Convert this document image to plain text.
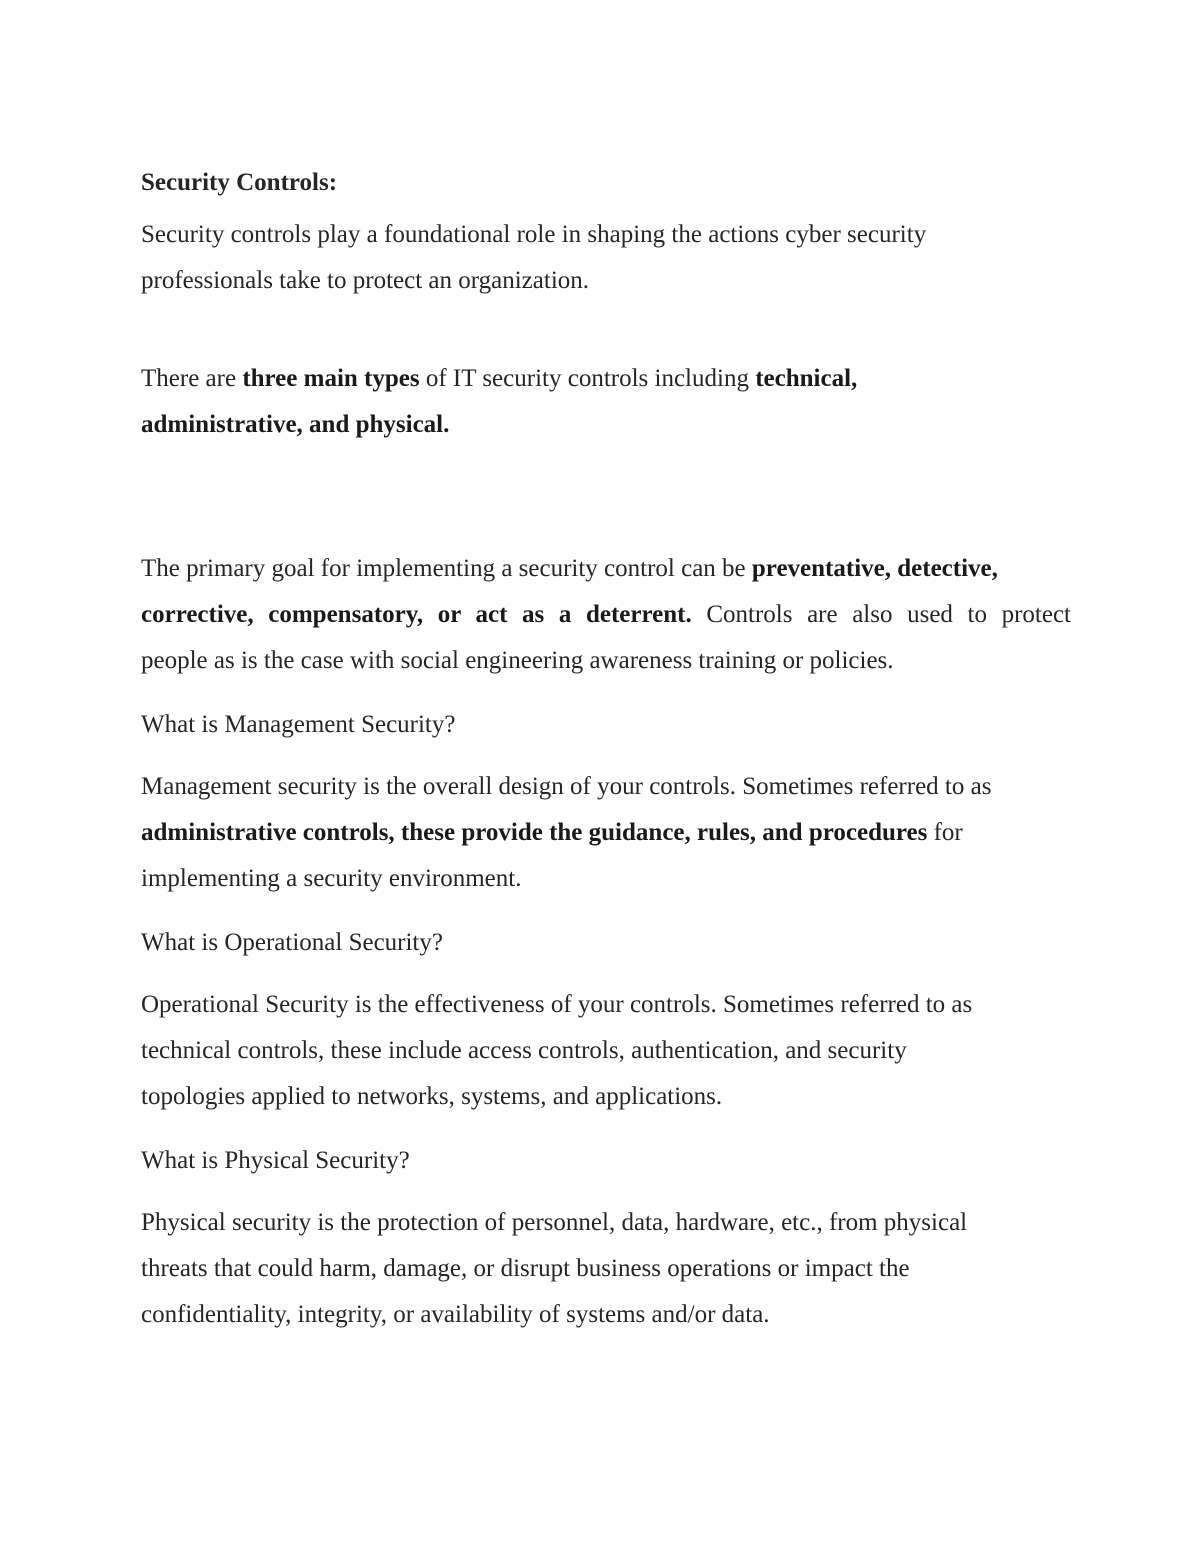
Security Controls:

Security controls play a foundational role in shaping the actions cyber security

professionals take to protect an organization.

There are three main types of IT security controls including technical,

administrative, and physical.

The primary goal for implementing a security control can be preventative, detective,

corrective, compensatory, or act as a deterrent. Controls are also used to protect

people as is the case with social engineering awareness training or policies.

What is Management Security?

Management security is the overall design of your controls. Sometimes referred to as

administrative controls, these provide the guidance, rules, and procedures for

implementing a security environment.

What is Operational Security?

Operational Security is the effectiveness of your controls. Sometimes referred to as

technical controls, these include access controls, authentication, and security

topologies applied to networks, systems, and applications.

What is Physical Security?

Physical security is the protection of personnel, data, hardware, etc., from physical

threats that could harm, damage, or disrupt business operations or impact the

confidentiality, integrity, or availability of systems and/or data.
